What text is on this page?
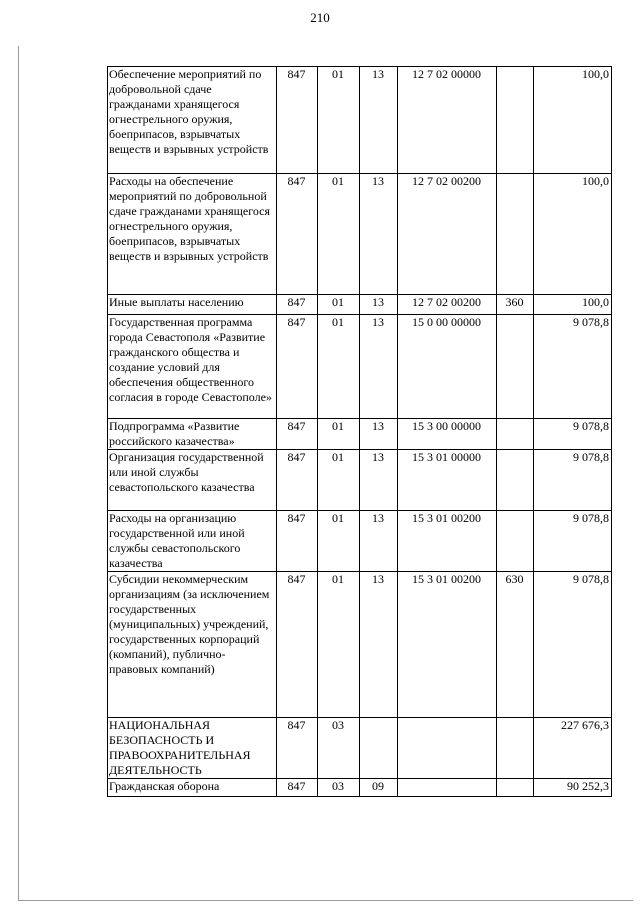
210
Обеспечение мероприятий по добровольной сдаче гражданами хранящегося огнестрельного оружия, боеприпасов, взрывчатых веществ и взрывных устройств	847	01	13	12 7 02 00000		100,0
Расходы на обеспечение мероприятий по добровольной сдаче гражданами хранящегося огнестрельного оружия, боеприпасов, взрывчатых веществ и взрывных устройств	847	01	13	12 7 02 00200		100,0
Иные выплаты населению	847	01	13	12 7 02 00200	360	100,0
Государственная программа города Севастополя «Развитие гражданского общества и создание условий для обеспечения общественного согласия в городе Севастополе»	847	01	13	15 0 00 00000		9 078,8
Подпрограмма «Развитие российского казачества»	847	01	13	15 3 00 00000		9 078,8
Организация государственной или иной службы севастопольского казачества	847	01	13	15 3 01 00000		9 078,8
Расходы на организацию государственной или иной службы севастопольского казачества	847	01	13	15 3 01 00200		9 078,8
Субсидии некоммерческим организациям (за исключением государственных (муниципальных) учреждений, государственных корпораций (компаний), публично-правовых компаний)	847	01	13	15 3 01 00200	630	9 078,8
НАЦИОНАЛЬНАЯ БЕЗОПАСНОСТЬ И ПРАВООХРАНИТЕЛЬНАЯ ДЕЯТЕЛЬНОСТЬ	847	03				227 676,3
Гражданская оборона	847	03	09			90 252,3
